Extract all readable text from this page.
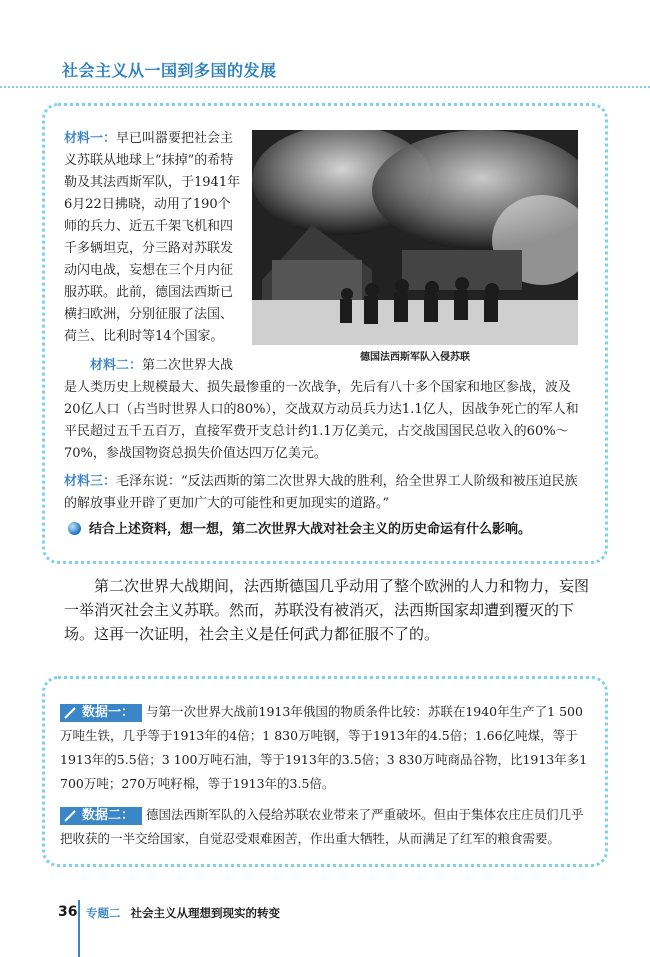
社会主义从一国到多国的发展
材料一：早已叫嚣要把社会主义苏联从地球上“抹掉”的希特勒及其法西斯军队，于1941年6月22日拂晓，动用了190个师的兵力、近五千架飞机和四千多辆坦克，分三路对苏联发动闪电战，妄想在三个月内征服苏联。此前，德国法西斯已横扫欧洲，分别征服了法国、荷兰、比利时等14个国家。
德国法西斯军队入侵苏联
材料二：第二次世界大战
是人类历史上规模最大、损失最惨重的一次战争，先后有八十多个国家和地区参战，波及20亿人口（占当时世界人口的80%），交战双方动员兵力达1.1亿人，因战争死亡的军人和平民超过五千五百万，直接军费开支总计约1.1万亿美元，占交战国国民总收入的60%～70%，参战国物资总损失价值达四万亿美元。
材料三：毛泽东说：“反法西斯的第二次世界大战的胜利，给全世界工人阶级和被压迫民族的解放事业开辟了更加广大的可能性和更加现实的道路。”
结合上述资料，想一想，第二次世界大战对社会主义的历史命运有什么影响。
第二次世界大战期间，法西斯德国几乎动用了整个欧洲的人力和物力，妄图一举消灭社会主义苏联。然而，苏联没有被消灭，法西斯国家却遭到覆灭的下场。这再一次证明，社会主义是任何武力都征服不了的。
数据一： 与第一次世界大战前1913年俄国的物质条件比较：苏联在1940年生产了1 500万吨生铁，几乎等于1913年的4倍；1 830万吨钢，等于1913年的4.5倍；1.66亿吨煤，等于1913年的5.5倍；3 100万吨石油，等于1913年的3.5倍；3 830万吨商品谷物，比1913年多1 700万吨；270万吨籽棉，等于1913年的3.5倍。
数据二： 德国法西斯军队的入侵给苏联农业带来了严重破坏。但由于集体农庄庄员们几乎把收获的一半交给国家，自觉忍受艰难困苦，作出重大牺牲，从而满足了红军的粮食需要。
36 专题二 社会主义从理想到现实的转变
